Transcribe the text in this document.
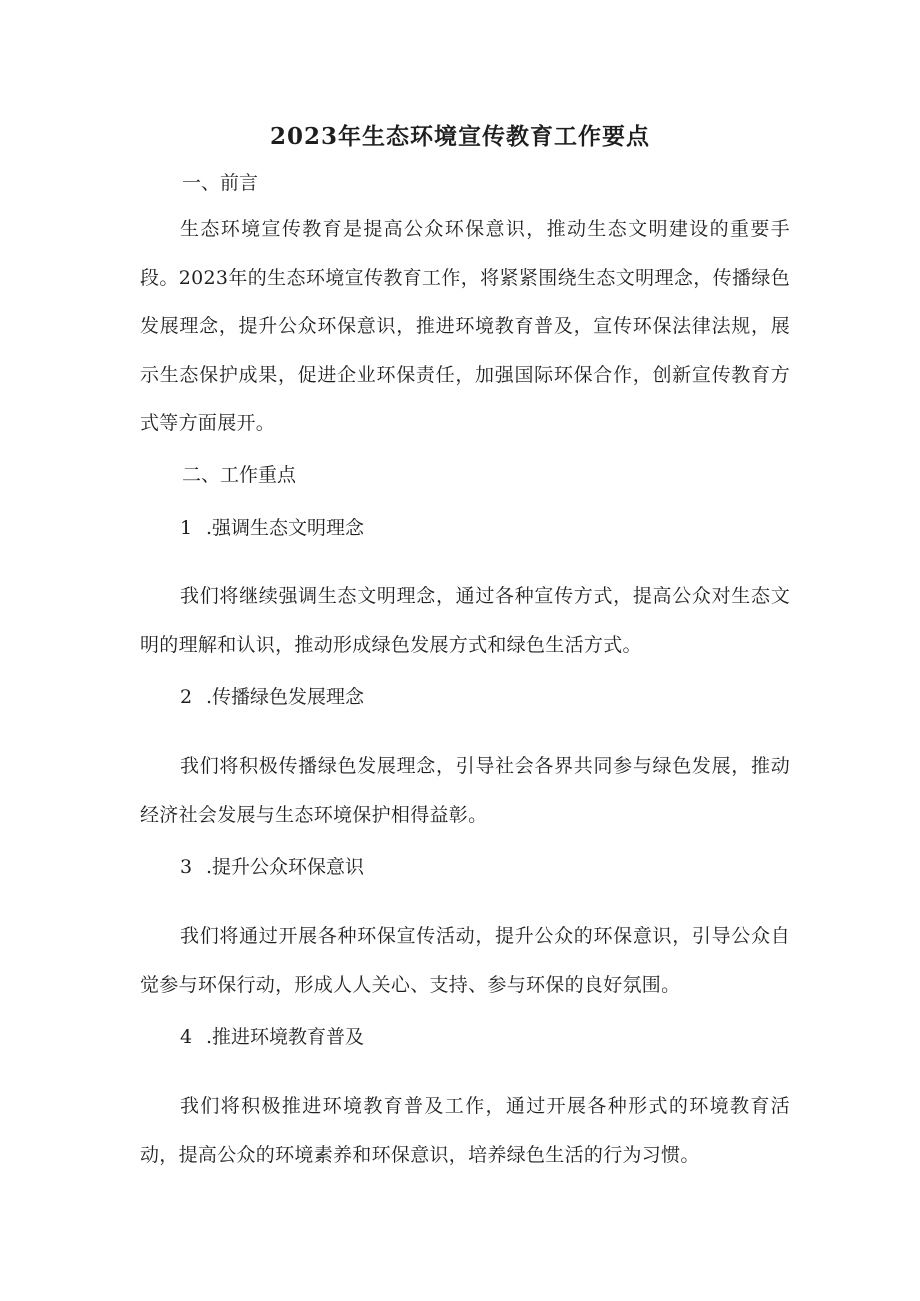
2023年生态环境宣传教育工作要点

一、前言

生态环境宣传教育是提高公众环保意识，推动生态文明建设的重要手段。2023年的生态环境宣传教育工作，将紧紧围绕生态文明理念，传播绿色发展理念，提升公众环保意识，推进环境教育普及，宣传环保法律法规，展示生态保护成果，促进企业环保责任，加强国际环保合作，创新宣传教育方式等方面展开。

二、工作重点

1 .强调生态文明理念

我们将继续强调生态文明理念，通过各种宣传方式，提高公众对生态文明的理解和认识，推动形成绿色发展方式和绿色生活方式。

2 .传播绿色发展理念

我们将积极传播绿色发展理念，引导社会各界共同参与绿色发展，推动经济社会发展与生态环境保护相得益彰。

3 .提升公众环保意识

我们将通过开展各种环保宣传活动，提升公众的环保意识，引导公众自觉参与环保行动，形成人人关心、支持、参与环保的良好氛围。

4 .推进环境教育普及

我们将积极推进环境教育普及工作，通过开展各种形式的环境教育活动，提高公众的环境素养和环保意识，培养绿色生活的行为习惯。
